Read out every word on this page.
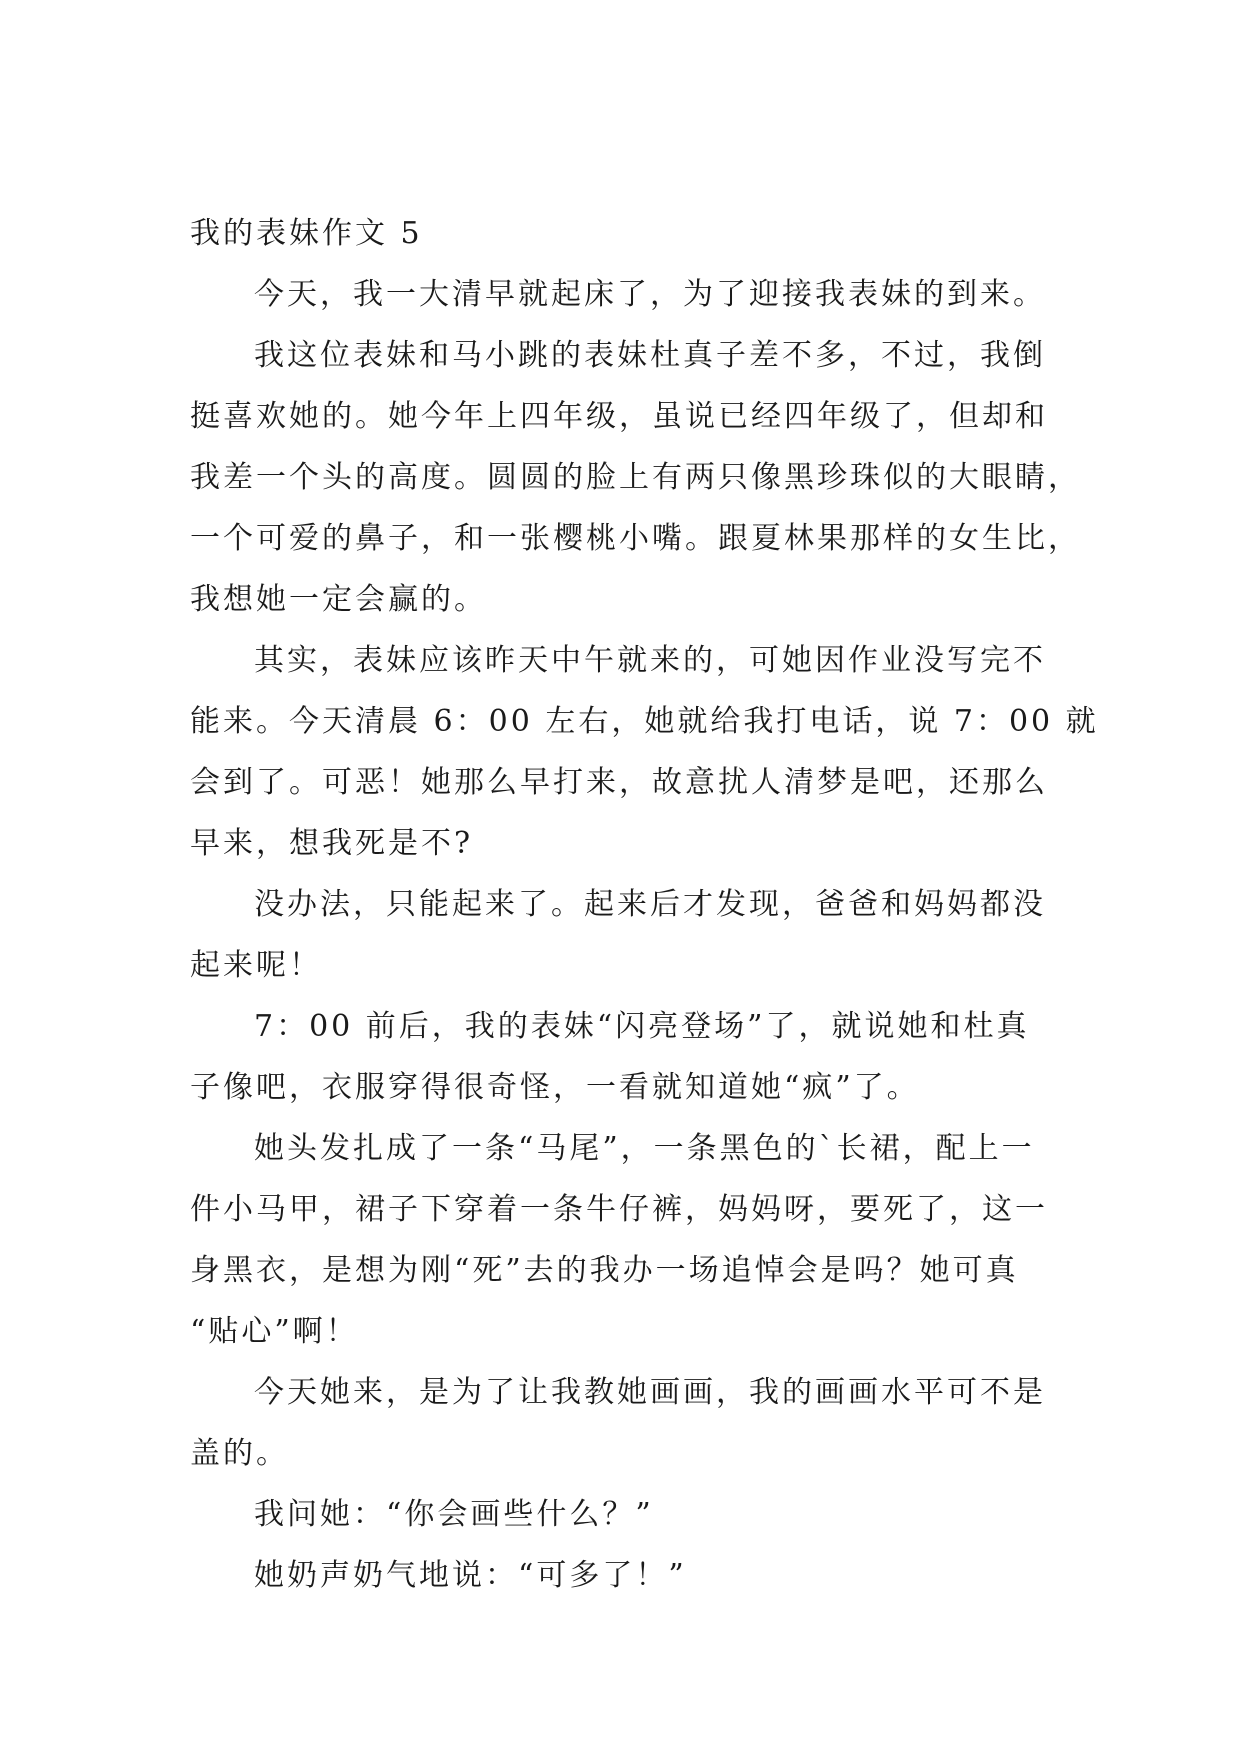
我的表妹作文 5
今天，我一大清早就起床了，为了迎接我表妹的到来。
我这位表妹和马小跳的表妹杜真子差不多，不过，我倒
挺喜欢她的。她今年上四年级，虽说已经四年级了，但却和
我差一个头的高度。圆圆的脸上有两只像黑珍珠似的大眼睛，
一个可爱的鼻子，和一张樱桃小嘴。跟夏林果那样的女生比，
我想她一定会赢的。
其实，表妹应该昨天中午就来的，可她因作业没写完不
能来。今天清晨 6：00 左右，她就给我打电话，说 7：00 就
会到了。可恶！她那么早打来，故意扰人清梦是吧，还那么
早来，想我死是不?
没办法，只能起来了。起来后才发现，爸爸和妈妈都没
起来呢！
7：00 前后，我的表妹“闪亮登场”了，就说她和杜真
子像吧，衣服穿得很奇怪，一看就知道她“疯”了。
她头发扎成了一条“马尾”，一条黑色的`长裙，配上一
件小马甲，裙子下穿着一条牛仔裤，妈妈呀，要死了，这一
身黑衣，是想为刚“死”去的我办一场追悼会是吗？她可真
“贴心”啊！
今天她来，是为了让我教她画画，我的画画水平可不是
盖的。
我问她：“你会画些什么？”
她奶声奶气地说：“可多了！”
